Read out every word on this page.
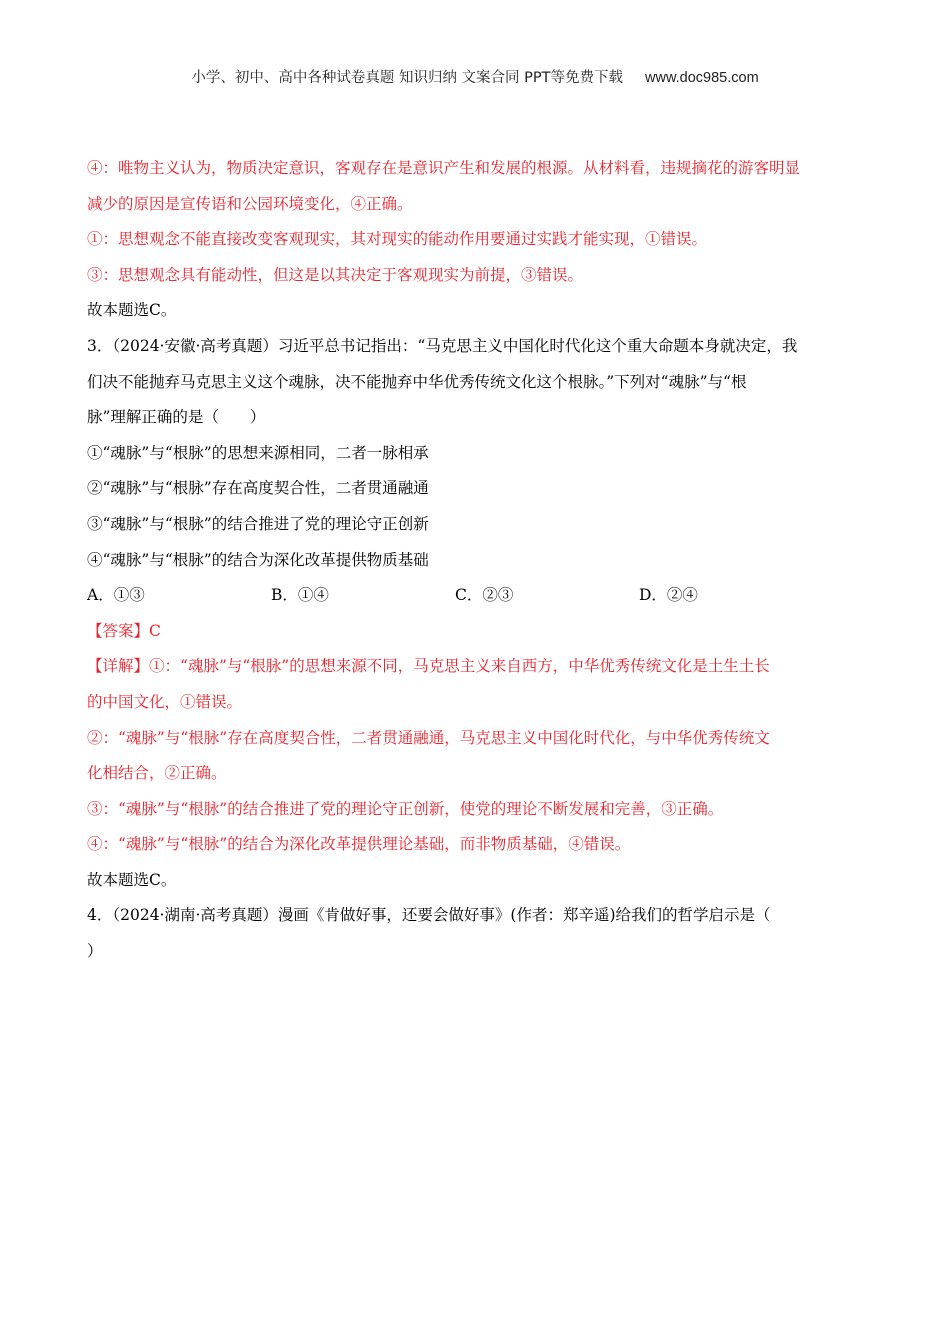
小学、初中、高中各种试卷真题 知识归纳 文案合同 PPT等免费下载 www.doc985.com
④：唯物主义认为，物质决定意识，客观存在是意识产生和发展的根源。从材料看，违规摘花的游客明显
减少的原因是宣传语和公园环境变化，④正确。
①：思想观念不能直接改变客观现实，其对现实的能动作用要通过实践才能实现，①错误。
③：思想观念具有能动性，但这是以其决定于客观现实为前提，③错误。
故本题选C。
3．（2024·安徽·高考真题）习近平总书记指出：“马克思主义中国化时代化这个重大命题本身就决定，我
们决不能抛弃马克思主义这个魂脉，决不能抛弃中华优秀传统文化这个根脉。”下列对“魂脉”与“根
脉”理解正确的是（　　）
①“魂脉”与“根脉”的思想来源相同，二者一脉相承
②“魂脉”与“根脉”存在高度契合性，二者贯通融通
③“魂脉”与“根脉”的结合推进了党的理论守正创新
④“魂脉”与“根脉”的结合为深化改革提供物质基础
A．①③	B．①④	C．②③	D．②④
【答案】C
【详解】①：“魂脉”与“根脉”的思想来源不同，马克思主义来自西方，中华优秀传统文化是土生土长
的中国文化，①错误。
②：“魂脉”与“根脉”存在高度契合性，二者贯通融通，马克思主义中国化时代化，与中华优秀传统文
化相结合，②正确。
③：“魂脉”与“根脉”的结合推进了党的理论守正创新，使党的理论不断发展和完善，③正确。
④：“魂脉”与“根脉”的结合为深化改革提供理论基础，而非物质基础，④错误。
故本题选C。
4．（2024·湖南·高考真题）漫画《肯做好事，还要会做好事》(作者：郑辛遥)给我们的哲学启示是（
）
